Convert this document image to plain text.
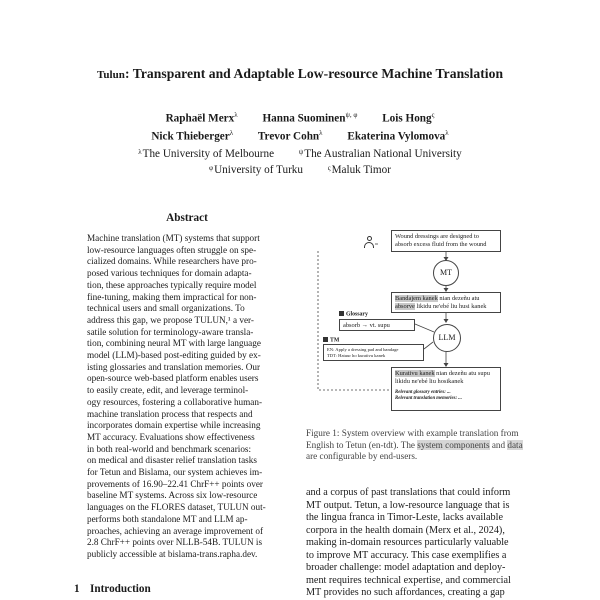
Tulun: Transparent and Adaptable Low-resource Machine Translation
Raphaël Merx$^\lambda$ Hanna Suominen$^{\psi, \varphi}$ Lois Hong$^\varsigma$
Nick Thieberger$^\lambda$ Trevor Cohn$^\lambda$ Ekaterina Vylomova$^\lambda$
$^\lambda$The University of Melbourne	$^\psi$The Australian National University
$^\varphi$University of Turku	$^\varsigma$Maluk Timor
Abstract
Machine translation (MT) systems that support
low-resource languages often struggle on spe-
cialized domains. While researchers have pro-
posed various techniques for domain adapta-
tion, these approaches typically require model
fine-tuning, making them impractical for non-
technical users and small organizations. To
address this gap, we propose TULUN,¹ a ver-
satile solution for terminology-aware transla-
tion, combining neural MT with large language
model (LLM)-based post-editing guided by ex-
isting glossaries and translation memories. Our
open-source web-based platform enables users
to easily create, edit, and leverage terminol-
ogy resources, fostering a collaborative human-
machine translation process that respects and
incorporates domain expertise while increasing
MT accuracy. Evaluations show effectiveness
in both real-world and benchmark scenarios:
on medical and disaster relief translation tasks
for Tetun and Bislama, our system achieves im-
provements of 16.90–22.41 ChrF++ points over
baseline MT systems. Across six low-resource
languages on the FLORES dataset, TULUN out-
performs both standalone MT and LLM ap-
proaches, achieving an average improvement of
2.8 ChrF++ points over NLLB-54B. TULUN is
publicly accessible at bislama-trans.rapha.dev.
1 Introduction
Wound dressings are designed to absorb excess fluid from the wound
MT
Bandajem kanek nian dezeñu atu absorve likidu ne'ebé liu husi kanek
Glossary
absorb → vt. supu
TM
EN: Apply a dressing pad and bandage
TDT: Hatuur ho kurativu kanek
LLM
Kurativu kanek nian dezeñu atu supu likidu ne'ebé liu hosikanek
Relevant glossary entries: ...
Relevant translation memories: ...
Figure 1: System overview with example translation from English to Tetun (en-tdt). The system components and data are configurable by end-users.
and a corpus of past translations that could inform
MT output. Tetun, a low-resource language that is
the lingua franca in Timor-Leste, lacks available
corpora in the health domain (Merx et al., 2024),
making in-domain resources particularly valuable
to improve MT accuracy. This case exemplifies a
broader challenge: model adaptation and deploy-
ment requires technical expertise, and commercial
MT provides no such affordances, creating a gap
